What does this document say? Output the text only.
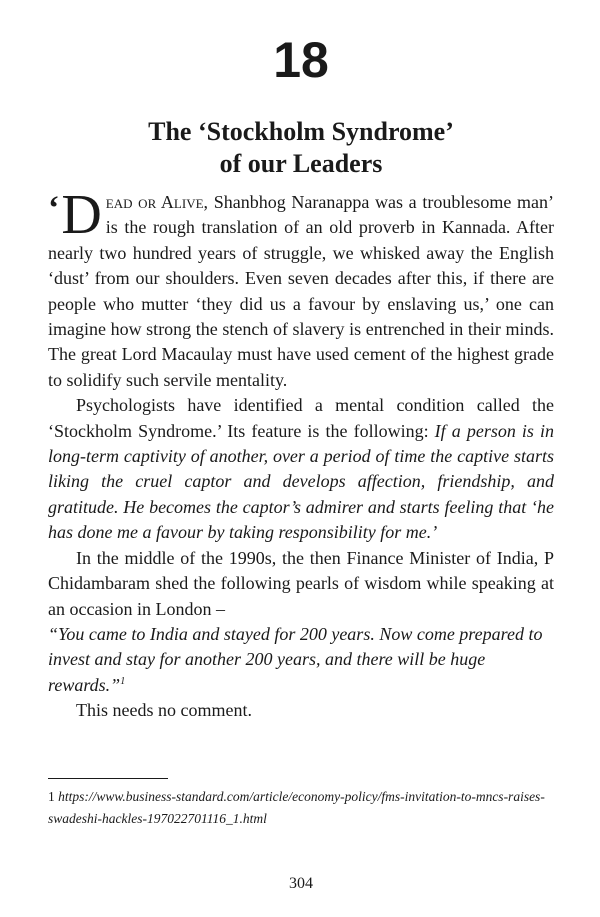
18
The ‘Stockholm Syndrome’
of our Leaders

‘ D ead or Alive, Shanbhog Naranappa was a troublesome man’ is the rough translation of an old proverb in Kannada. After nearly two hundred years of struggle, we whisked away the English ‘dust’ from our shoulders. Even seven decades after this, if there are people who mutter ‘they did us a favour by enslaving us,’ one can imagine how strong the stench of slavery is entrenched in their minds. The great Lord Macaulay must have used cement of the highest grade to solidify such servile mentality.

Psychologists have identified a mental condition called the ‘Stockholm Syndrome.’ Its feature is the following: If a person is in long-term captivity of another, over a period of time the captive starts liking the cruel captor and develops affection, friendship, and gratitude. He becomes the captor’s admirer and starts feeling that ‘he has done me a favour by taking responsibility for me.’

In the middle of the 1990s, the then Finance Minister of India, P Chidambaram shed the following pearls of wisdom while speaking at an occasion in London –

“You came to India and stayed for 200 years. Now come prepared to invest and stay for another 200 years, and there will be huge rewards.”$^1$

This needs no comment.

1 https://www.business-standard.com/article/economy-policy/fms-invitation-to-mncs-raises-swadeshi-hackles-197022701116_1.html
304
